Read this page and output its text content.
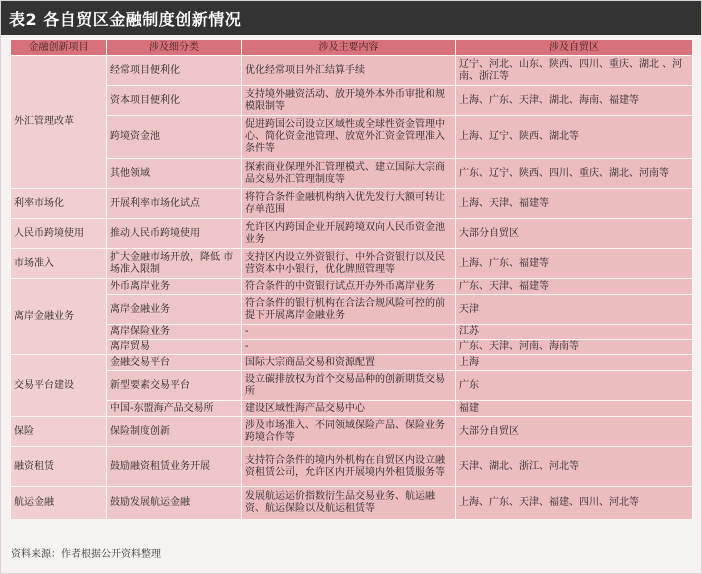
表2 各自贸区金融制度创新情况
金融创新项目	涉及细分类	涉及主要内容	涉及自贸区
外汇管理改革	经常项目便利化	优化经常项目外汇结算手续	辽宁、河北、山东、陕西、四川、重庆、湖北 、河南、浙江等
	资本项目便利化	支持境外融资活动、放开境外本外币审批和规模限制等	上海、广东、天津、湖北、海南、福建等
	跨境资金池	促进跨国公司设立区域性或全球性资金管理中心、简化资金池管理、放宽外汇资金管理准入条件等	上海、辽宁、陕西、湖北等
	其他领域	探索商业保理外汇管理模式、建立国际大宗商品交易外汇管理制度等	广东、辽宁、陕西、四川、重庆、湖北、河南等
利率市场化	开展利率市场化试点	将符合条件金融机构纳入优先发行大额可转让存单范围	上海、天津、福建等
人民币跨境使用	推动人民币跨境使用	允许区内跨国企业开展跨境双向人民币资金池业务	大部分自贸区
市场准入	扩大金融市场开放，降低 市场准入限制	支持区内设立外资银行、中外合资银行以及民营资本中小银行，优化牌照管理等	上海、广东、福建等
离岸金融业务	外币离岸业务	符合条件的中资银行试点开办外币离岸业务	广东、天津、福建等
	离岸金融业务	符合条件的银行机构在合法合规风险可控的前提下开展离岸金融业务	天津
	离岸保险业务	-	江苏
	离岸贸易	-	广东、天津、河南、海南等
交易平台建设	金融交易平台	国际大宗商品交易和资源配置	上海
	新型要素交易平台	设立碳排放权为首个交易品种的创新期货交易所	广东
	中国-东盟海产品交易所	建设区域性海产品交易中心	福建
保险	保险制度创新	涉及市场准入、不同领域保险产品、保险业务跨境合作等	大部分自贸区
融资租赁	鼓励融资租赁业务开展	支持符合条件的境内外机构在自贸区内设立融资租赁公司，允许区内开展境内外租赁服务等	天津、湖北、浙江、河北等
航运金融	鼓励发展航运金融	发展航运运价指数衍生品交易业务、航运融资、航运保险以及航运租赁等	上海、广东、天津、福建、四川、河北等
资料来源：作者根据公开资料整理
